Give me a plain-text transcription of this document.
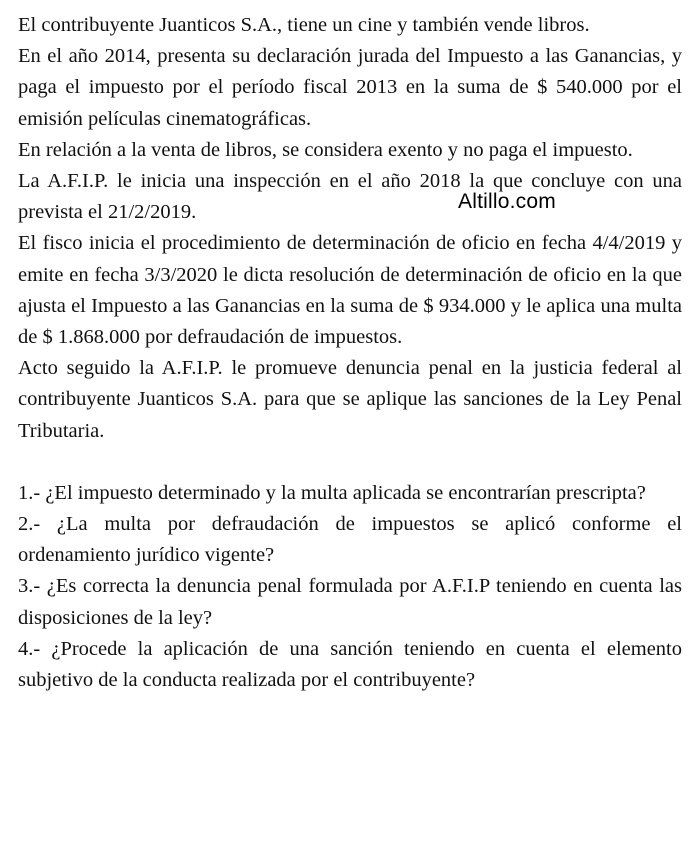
El contribuyente Juanticos S.A., tiene un cine y también vende libros.

En el año 2014, presenta su declaración jurada del Impuesto a las Ganancias, y paga el impuesto por el período fiscal 2013 en la suma de $ 540.000 por el emisión películas cinematográficas.

En relación a la venta de libros, se considera exento y no paga el impuesto.

La A.F.I.P. le inicia una inspección en el año 2018 la que concluye con una prevista el 21/2/2019.

El fisco inicia el procedimiento de determinación de oficio en fecha 4/4/2019 y emite en fecha 3/3/2020 le dicta resolución de determinación de oficio en la que ajusta el Impuesto a las Ganancias en la suma de $ 934.000 y le aplica una multa de $ 1.868.000 por defraudación de impuestos.

Acto seguido la A.F.I.P. le promueve denuncia penal en la justicia federal al contribuyente Juanticos S.A. para que se aplique las sanciones de la Ley Penal Tributaria.

1.- ¿El impuesto determinado y la multa aplicada se encontrarían prescripta?

2.- ¿La multa por defraudación de impuestos se aplicó conforme el ordenamiento jurídico vigente?

3.- ¿Es correcta la denuncia penal formulada por A.F.I.P teniendo en cuenta las disposiciones de la ley?

4.- ¿Procede la aplicación de una sanción teniendo en cuenta el elemento subjetivo de la conducta realizada por el contribuyente?

Altillo.com
